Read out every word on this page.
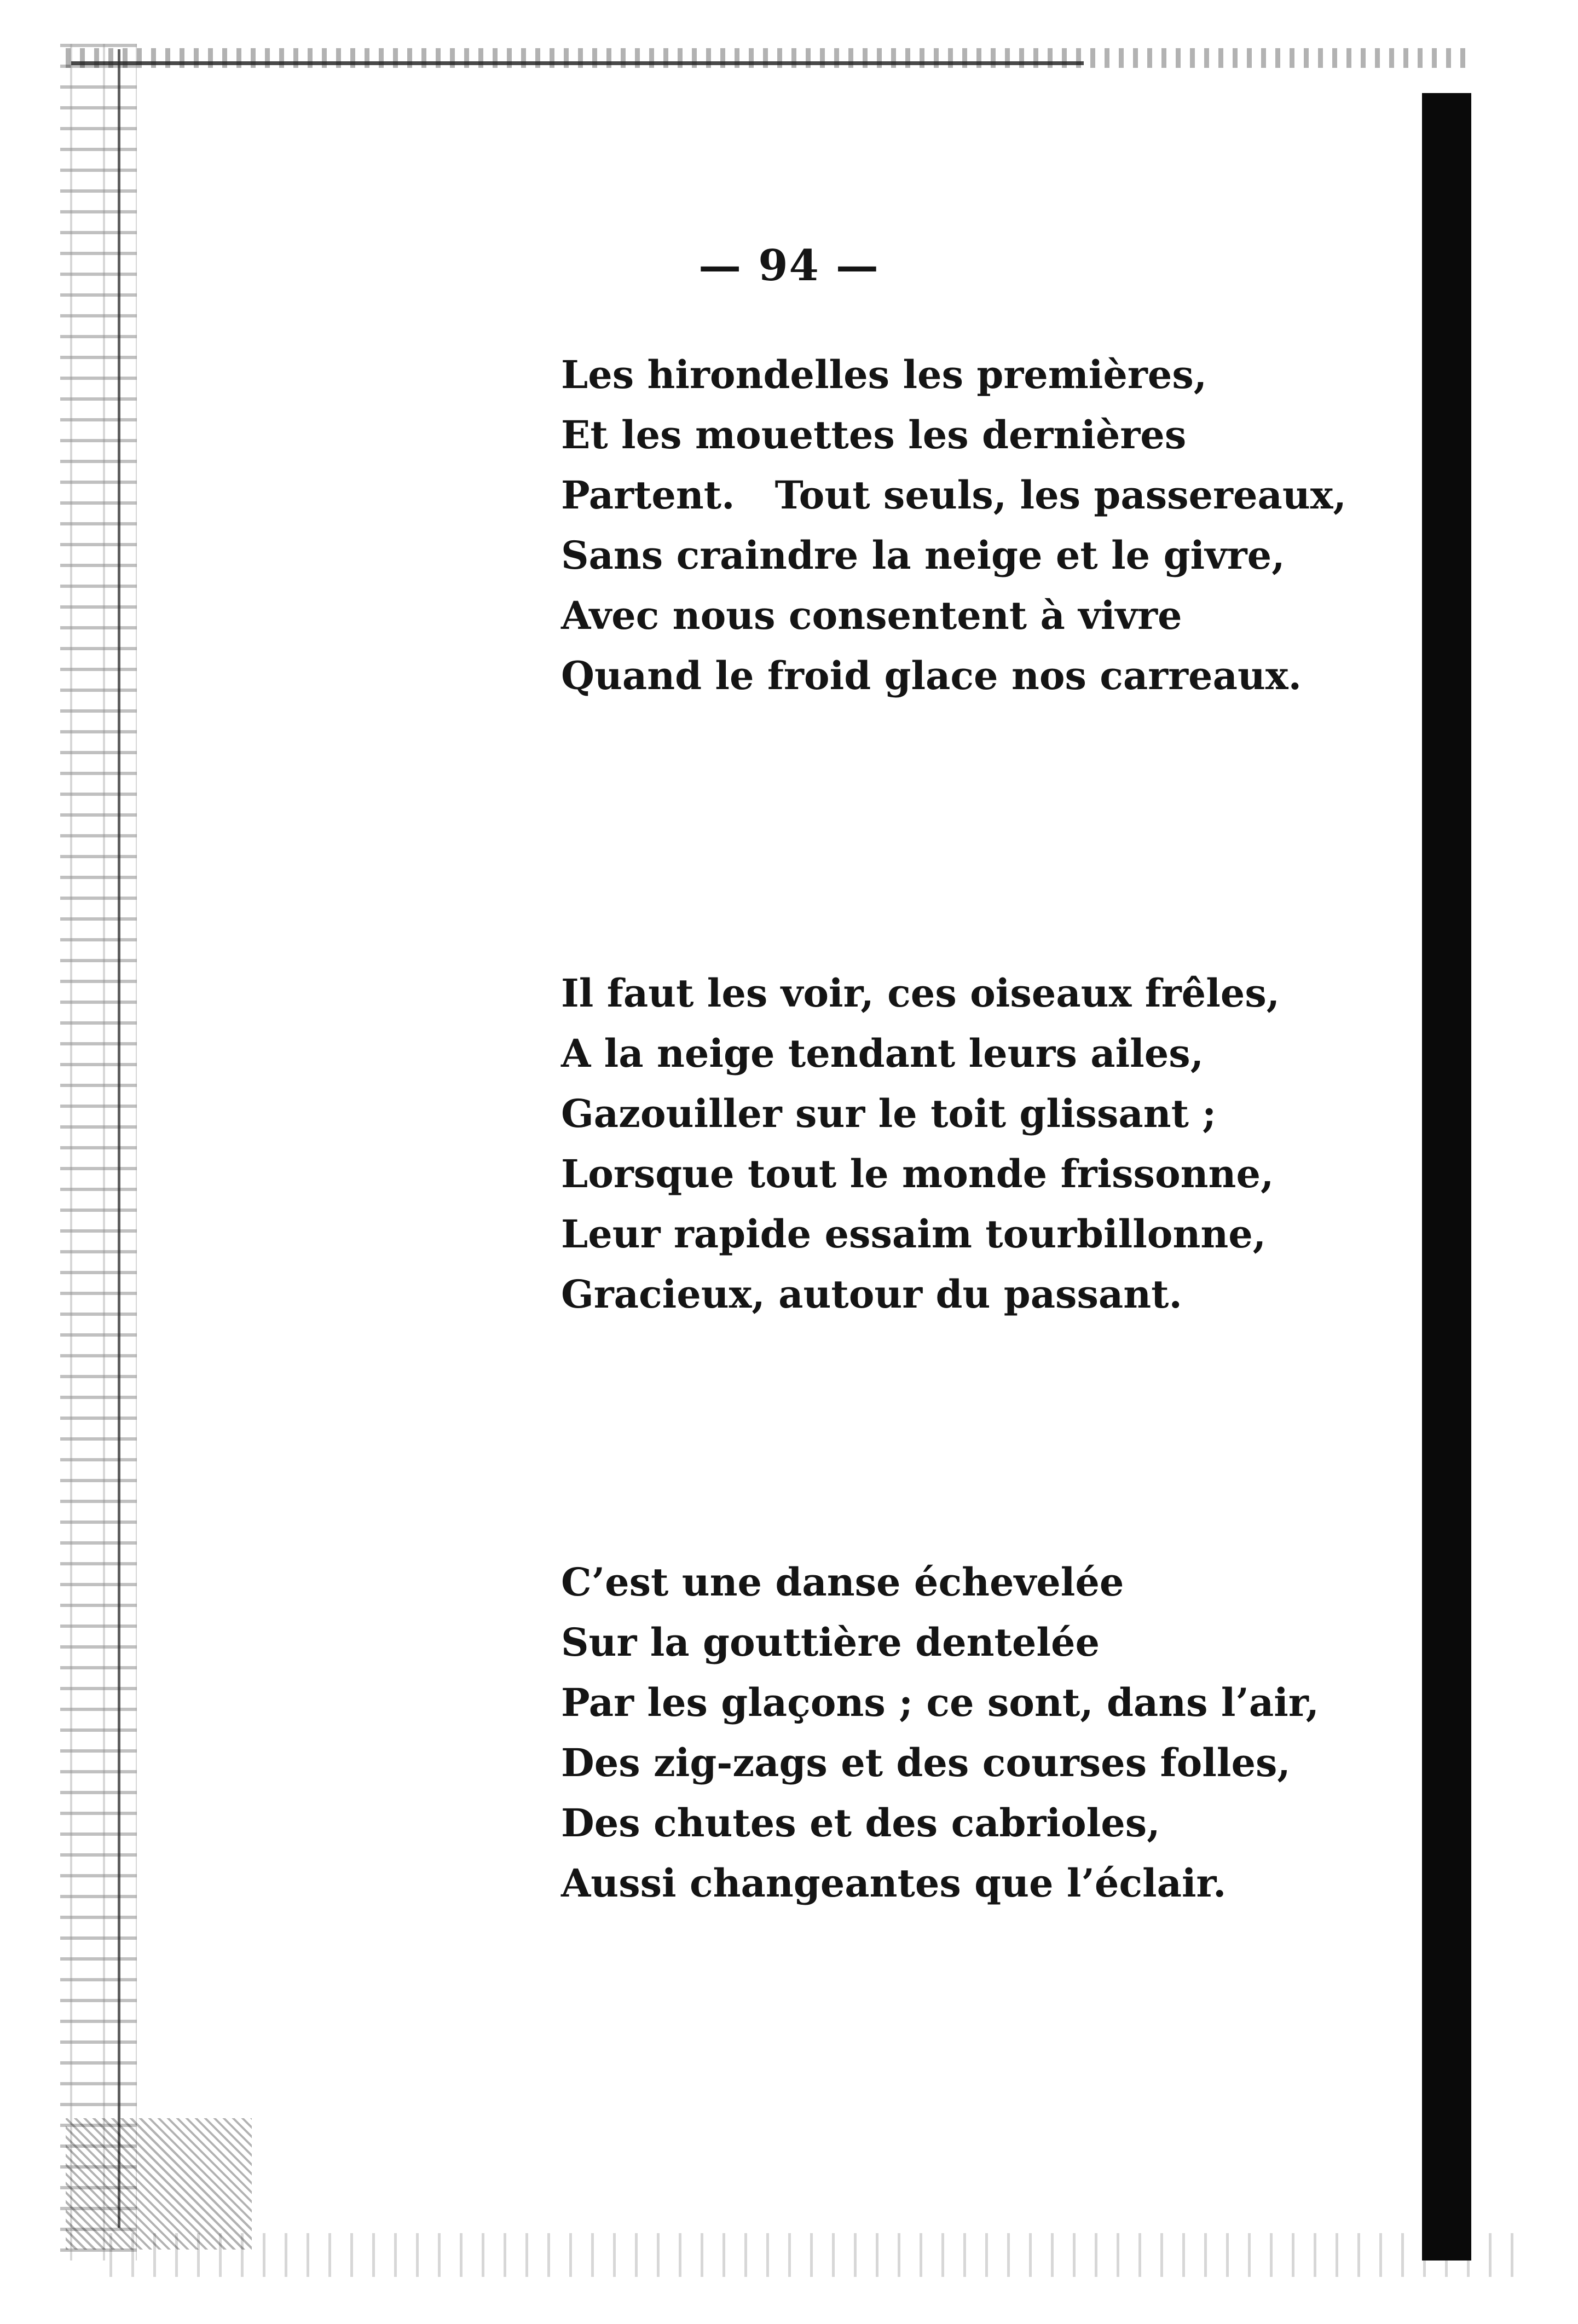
— 94 —
Les hirondelles les premières,
Et les mouettes les dernières
Partent.   Tout seuls, les passereaux,
Sans craindre la neige et le givre,
Avec nous consentent à vivre
Quand le froid glace nos carreaux.
Il faut les voir, ces oiseaux frêles,
A la neige tendant leurs ailes,
Gazouiller sur le toit glissant ;
Lorsque tout le monde frissonne,
Leur rapide essaim tourbillonne,
Gracieux, autour du passant.
C’est une danse échevelée
Sur la gouttière dentelée
Par les glaçons ; ce sont, dans l’air,
Des zig-zags et des courses folles,
Des chutes et des cabrioles,
Aussi changeantes que l’éclair.
